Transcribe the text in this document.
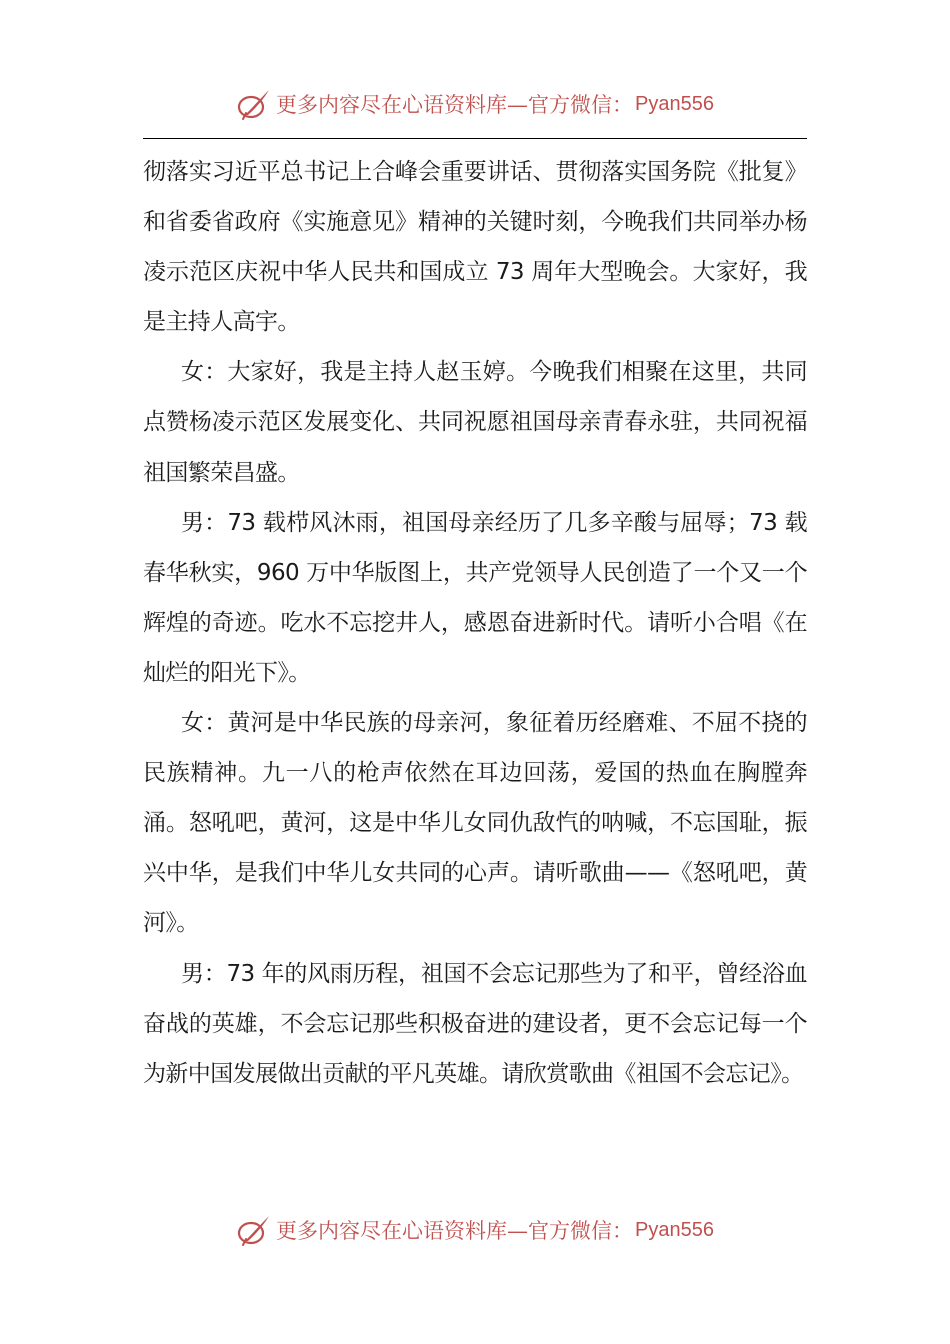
更多内容尽在心语资料库—官方微信： Pyan556

彻落实习近平总书记上合峰会重要讲话、贯彻落实国务院《批复》和省委省政府《实施意见》精神的关键时刻，今晚我们共同举办杨凌示范区庆祝中华人民共和国成立 73 周年大型晚会。大家好，我是主持人高宇。

女：大家好，我是主持人赵玉婷。今晚我们相聚在这里，共同点赞杨凌示范区发展变化、共同祝愿祖国母亲青春永驻，共同祝福祖国繁荣昌盛。

男：73 载栉风沐雨，祖国母亲经历了几多辛酸与屈辱；73 载春华秋实，960 万中华版图上，共产党领导人民创造了一个又一个辉煌的奇迹。吃水不忘挖井人，感恩奋进新时代。请听小合唱《在灿烂的阳光下》。

女：黄河是中华民族的母亲河，象征着历经磨难、不屈不挠的民族精神。九一八的枪声依然在耳边回荡，爱国的热血在胸膛奔涌。怒吼吧，黄河，这是中华儿女同仇敌忾的呐喊，不忘国耻，振兴中华，是我们中华儿女共同的心声。请听歌曲——《怒吼吧，黄河》。

男：73 年的风雨历程，祖国不会忘记那些为了和平，曾经浴血奋战的英雄，不会忘记那些积极奋进的建设者，更不会忘记每一个为新中国发展做出贡献的平凡英雄。请欣赏歌曲《祖国不会忘记》。

更多内容尽在心语资料库—官方微信： Pyan556
